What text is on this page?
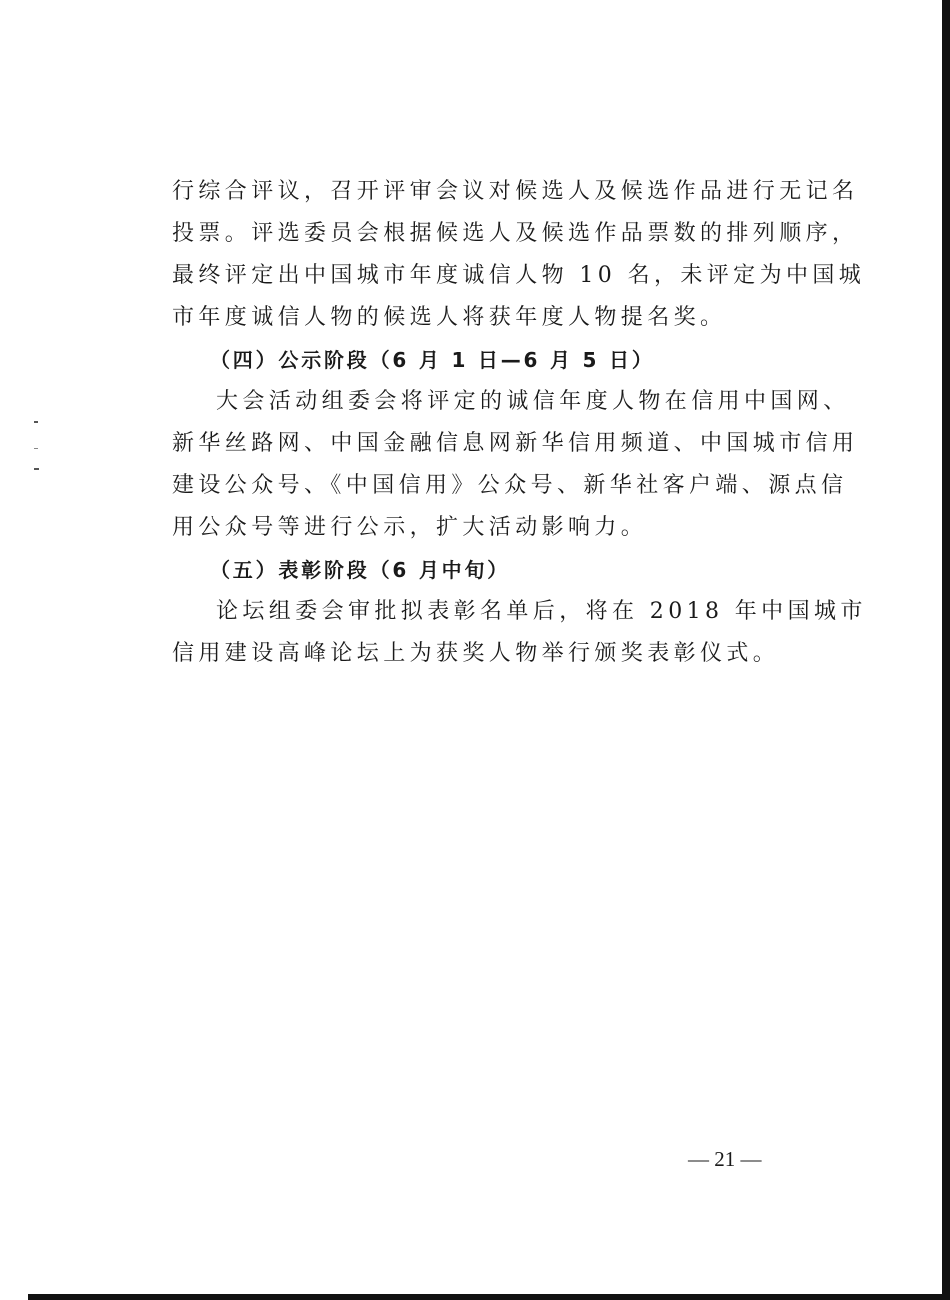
行综合评议，召开评审会议对候选人及候选作品进行无记名
投票。评选委员会根据候选人及候选作品票数的排列顺序，
最终评定出中国城市年度诚信人物 10 名，未评定为中国城
市年度诚信人物的候选人将获年度人物提名奖。
（四）公示阶段（6 月 1 日—6 月 5 日）
大会活动组委会将评定的诚信年度人物在信用中国网、
新华丝路网、中国金融信息网新华信用频道、中国城市信用
建设公众号、《中国信用》公众号、新华社客户端、源点信
用公众号等进行公示，扩大活动影响力。
（五）表彰阶段（6 月中旬）
论坛组委会审批拟表彰名单后，将在 2018 年中国城市
信用建设高峰论坛上为获奖人物举行颁奖表彰仪式。
— 21 —
